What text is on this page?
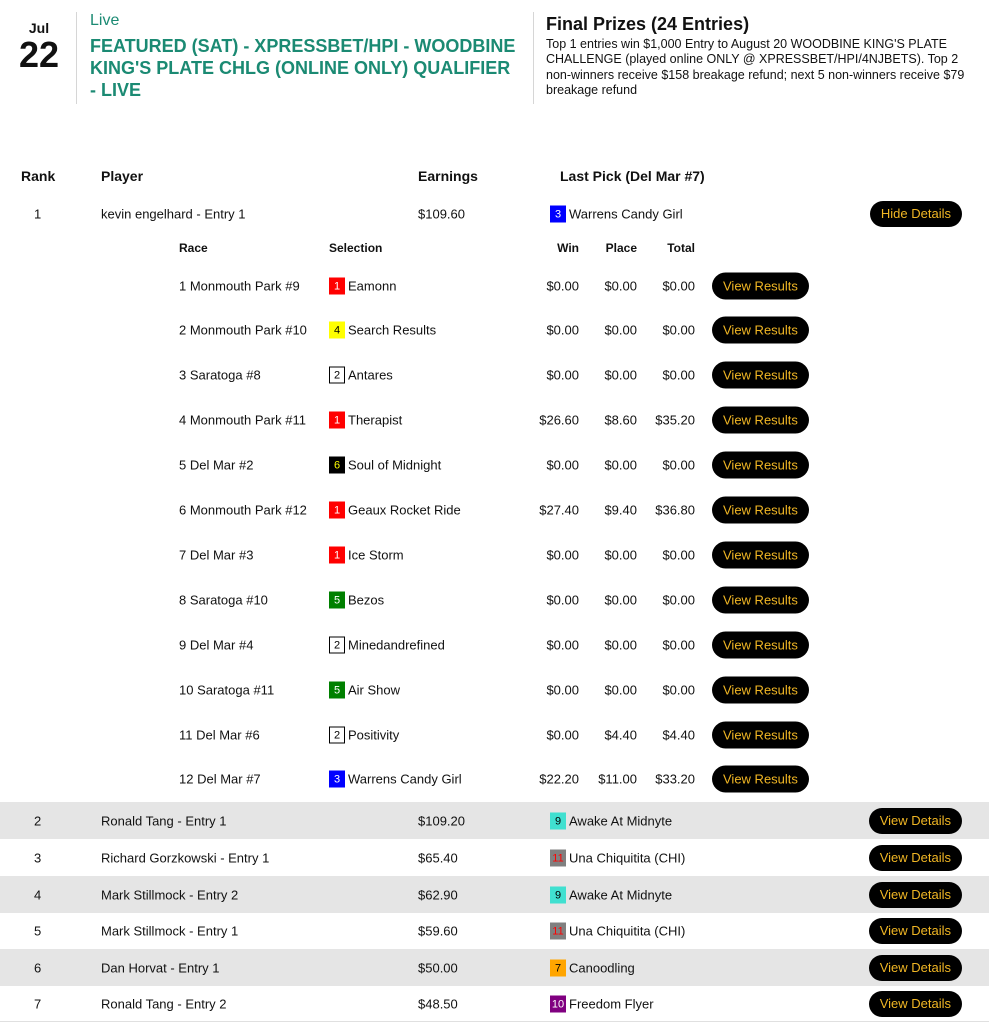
Jul
22
Live
FEATURED (SAT) - XPRESSBET/HPI - WOODBINE KING'S PLATE CHLG (ONLINE ONLY) QUALIFIER - LIVE
Final Prizes (24 Entries)
Top 1 entries win $1,000 Entry to August 20 WOODBINE KING'S PLATE CHALLENGE (played online ONLY @ XPRESSBET/HPI/4NJBETS). Top 2 non-winners receive $158 breakage refund; next 5 non-winners receive $79 breakage refund
Rank	Player	Earnings	Last Pick (Del Mar #7)
1	kevin engelhard - Entry 1	$109.60	3 Warrens Candy Girl	Hide Details
2	Ronald Tang - Entry 1	$109.20	9 Awake At Midnyte	View Details
3	Richard Gorzkowski - Entry 1	$65.40	11 Una Chiquitita (CHI)	View Details
4	Mark Stillmock - Entry 2	$62.90	9 Awake At Midnyte	View Details
5	Mark Stillmock - Entry 1	$59.60	11 Una Chiquitita (CHI)	View Details
6	Dan Horvat - Entry 1	$50.00	7 Canoodling	View Details
7	Ronald Tang - Entry 2	$48.50	10 Freedom Flyer	View Details
Race	Selection	Win Place	Total
1 Monmouth Park #9	1 Eamonn	$0.00 $0.00 $0.00	View Results
2 Monmouth Park #10	4 Search Results	$0.00 $0.00 $0.00	View Results
3 Saratoga #8	2 Antares	$0.00 $0.00 $0.00	View Results
4 Monmouth Park #11	1 Therapist	$26.60 $8.60 $35.20	View Results
5 Del Mar #2	6 Soul of Midnight	$0.00 $0.00 $0.00	View Results
6 Monmouth Park #12	1 Geaux Rocket Ride	$27.40 $9.40 $36.80	View Results
7 Del Mar #3	1 Ice Storm	$0.00 $0.00 $0.00	View Results
8 Saratoga #10	5 Bezos	$0.00 $0.00 $0.00	View Results
9 Del Mar #4	2 Minedandrefined	$0.00 $0.00 $0.00	View Results
10 Saratoga #11	5 Air Show	$0.00 $0.00 $0.00	View Results
11 Del Mar #6	2 Positivity	$0.00 $4.40 $4.40	View Results
12 Del Mar #7	3 Warrens Candy Girl	$22.20 $11.00 $33.20	View Results
